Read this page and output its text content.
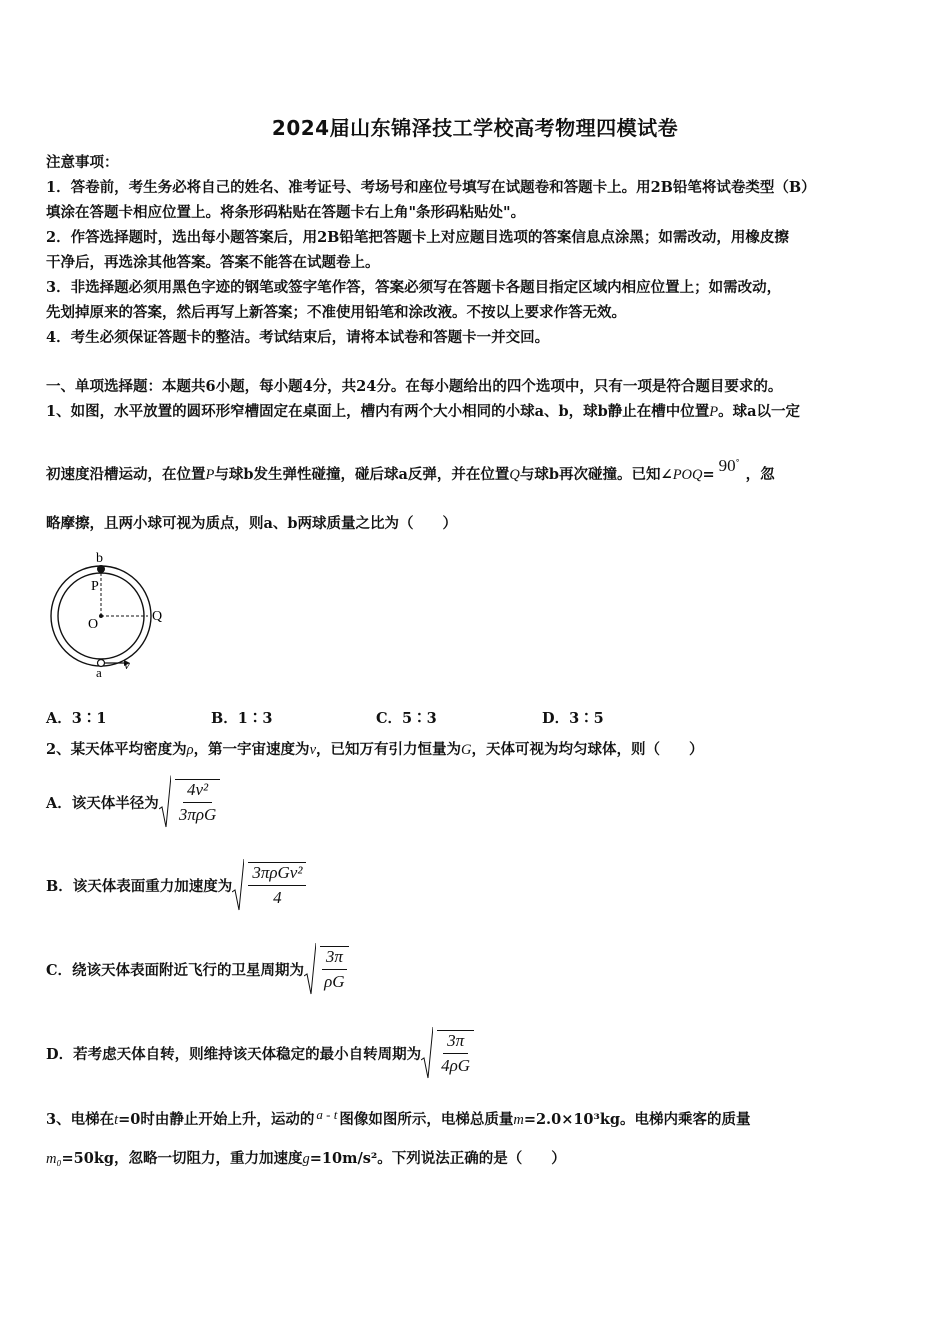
2024届山东锦泽技工学校高考物理四模试卷
注意事项：
1．答卷前，考生务必将自己的姓名、准考证号、考场号和座位号填写在试题卷和答题卡上。用2B铅笔将试卷类型（B）
填涂在答题卡相应位置上。将条形码粘贴在答题卡右上角"条形码粘贴处"。
2．作答选择题时，选出每小题答案后，用2B铅笔把答题卡上对应题目选项的答案信息点涂黑；如需改动，用橡皮擦
干净后，再选涂其他答案。答案不能答在试题卷上。
3．非选择题必须用黑色字迹的钢笔或签字笔作答，答案必须写在答题卡各题目指定区域内相应位置上；如需改动，
先划掉原来的答案，然后再写上新答案；不准使用铅笔和涂改液。不按以上要求作答无效。
4．考生必须保证答题卡的整洁。考试结束后，请将本试卷和答题卡一并交回。
一、单项选择题：本题共6小题，每小题4分，共24分。在每小题给出的四个选项中，只有一项是符合题目要求的。
1、如图，水平放置的圆环形窄槽固定在桌面上，槽内有两个大小相同的小球a、b，球b静止在槽中位置P。球a以一定
初速度沿槽运动，在位置P与球b发生弹性碰撞，碰后球a反弹，并在位置Q与球b再次碰撞。已知∠POQ= 90°，忽
略摩擦，且两小球可视为质点，则a、b两球质量之比为（　　）
b
P
O
Q
a
v
A．3∶1	B．1∶3	C．5∶3	D．3∶5
2、某天体平均密度为ρ，第一宇宙速度为v，已知万有引力恒量为G，天体可视为均匀球体，则（　　）
A．该天体半径为
$\frac{\text{4v²}}{\text{3πρG}}$
B．该天体表面重力加速度为
$\frac{\text{3πρGv²}}{4}$
C．绕该天体表面附近飞行的卫星周期为
$\frac{3\pi}{\rho G}$
D．若考虑天体自转，则维持该天体稳定的最小自转周期为
$\frac{3\pi}{4\rho G}$
3、电梯在t=0时由静止开始上升，运动的 a - t 图像如图所示，电梯总质量m=2.0×10³kg。电梯内乘客的质量
m₀=50kg，忽略一切阻力，重力加速度g=10m/s²。下列说法正确的是（　　）
